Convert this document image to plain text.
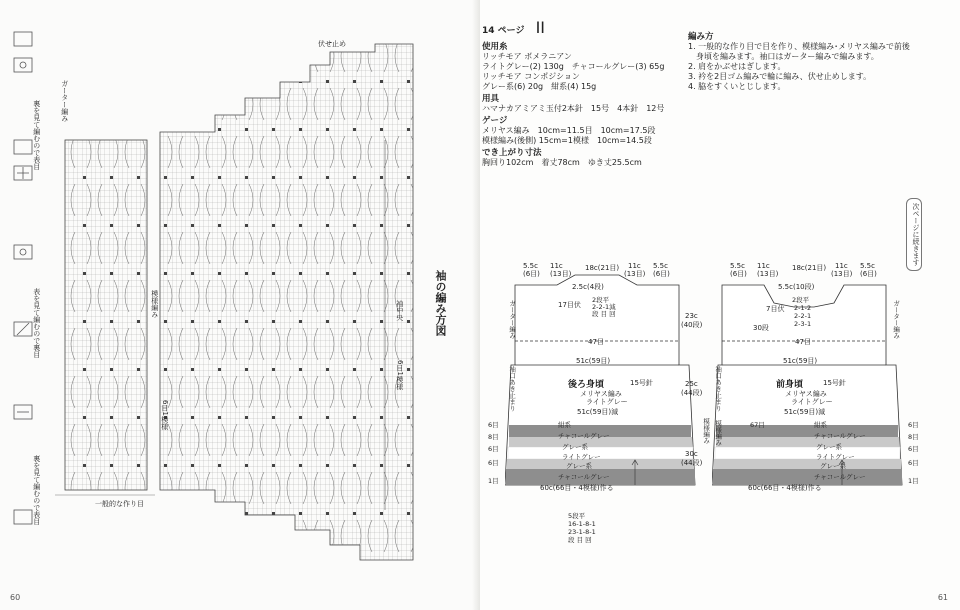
裏を見て編むので表目
表を見て編むので裏目
裏を見て編むので表目
ガーター編み
模様編み	袖中央
6目1模様
6目1模様
一般的な作り目
伏せ止め
袖の編み方図
60
14 ページ II
使用糸
リッチモア ボメラニアン
ライトグレー(2) 130g　チャコールグレー(3) 65g
リッチモア コンポジション
グレー系(6) 20g　紺系(4) 15g
用具
ハマナカアミアミ玉付2本針　15号　4本針　12号
ゲージ
メリヤス編み　10cm=11.5目　10cm=17.5段
模様編み(後側) 15cm=1模様　10cm=14.5段
でき上がり寸法
胸回り102cm　着丈78cm　ゆき丈25.5cm
編み方
1. 一般的な作り目で目を作り、模様編み･メリヤス編みで前後
　身頃を編みます。袖口はガーター編みで編みます。
2. 肩をかぶせはぎします。
3. 衿を2目ゴム編みで輪に編み、伏せ止めします。
4. 脇をすくいとじします。
次ページに続きます
5.5c
(6目)
11c
(13目)
18c(21目) 11c
(13目)
5.5c
(6目)
2.5c(4段)
2段平
2-2-1減
段 目 回
17目伏
47目
51c(59目)
後ろ身頃	15号針
メリヤス編み
ライトグレー
51c(59目)減
紺系
チャコールグレー
グレー系
ライトグレー
グレー系
チャコールグレー
6目
8目
6目
6目
1目
60c(66目・4模様)作る
ガーター編み
袖口あき止まり
模様編み
23c
(40段)
25c
(44段)
30c
(44段)
5段平
16-1-8-1
23-1-8-1
段 目 回
5.5c
(6目)
11c
(13目)
18c(21目) 11c
(13目)
5.5c
(6目)
5.5c(10段)
2段平
2-1-2
2-2-1
2-3-1
7目伏
30段
47目
51c(59目)
前身頃	15号針
メリヤス編み
ライトグレー
51c(59目)減
67目	紺系
チャコールグレー
グレー系
ライトグレー
グレー系
チャコールグレー
6目
8目
6目
6目
1目
60c(66目・4模様)作る
ガーター編み
袖口あき止まり
模様編み
61
